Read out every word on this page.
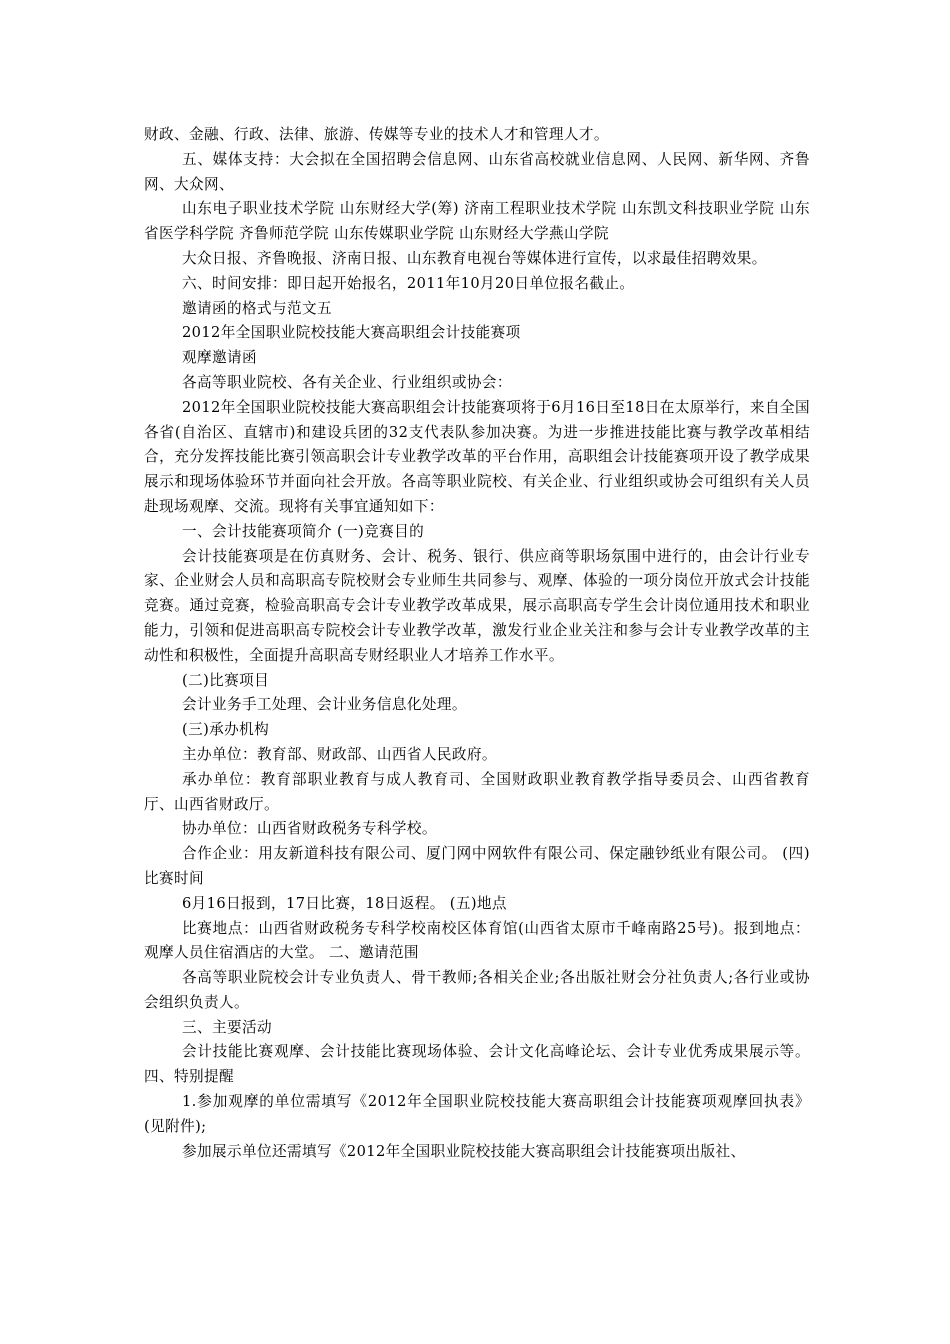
财政、金融、行政、法律、旅游、传媒等专业的技术人才和管理人才。

五、媒体支持：大会拟在全国招聘会信息网、山东省高校就业信息网、人民网、新华网、齐鲁网、大众网、

山东电子职业技术学院 山东财经大学(筹) 济南工程职业技术学院 山东凯文科技职业学院 山东省医学科学院 齐鲁师范学院 山东传媒职业学院 山东财经大学燕山学院

大众日报、齐鲁晚报、济南日报、山东教育电视台等媒体进行宣传，以求最佳招聘效果。

六、时间安排：即日起开始报名，2011年10月20日单位报名截止。

邀请函的格式与范文五

2012年全国职业院校技能大赛高职组会计技能赛项

观摩邀请函

各高等职业院校、各有关企业、行业组织或协会：

2012年全国职业院校技能大赛高职组会计技能赛项将于6月16日至18日在太原举行，来自全国各省(自治区、直辖市)和建设兵团的32支代表队参加决赛。为进一步推进技能比赛与教学改革相结合，充分发挥技能比赛引领高职会计专业教学改革的平台作用，高职组会计技能赛项开设了教学成果展示和现场体验环节并面向社会开放。各高等职业院校、有关企业、行业组织或协会可组织有关人员赴现场观摩、交流。现将有关事宜通知如下：

一、会计技能赛项简介 (一)竞赛目的

会计技能赛项是在仿真财务、会计、税务、银行、供应商等职场氛围中进行的，由会计行业专家、企业财会人员和高职高专院校财会专业师生共同参与、观摩、体验的一项分岗位开放式会计技能竞赛。通过竞赛，检验高职高专会计专业教学改革成果，展示高职高专学生会计岗位通用技术和职业能力，引领和促进高职高专院校会计专业教学改革，激发行业企业关注和参与会计专业教学改革的主动性和积极性，全面提升高职高专财经职业人才培养工作水平。

(二)比赛项目

会计业务手工处理、会计业务信息化处理。

(三)承办机构

主办单位：教育部、财政部、山西省人民政府。

承办单位：教育部职业教育与成人教育司、全国财政职业教育教学指导委员会、山西省教育厅、山西省财政厅。

协办单位：山西省财政税务专科学校。

合作企业：用友新道科技有限公司、厦门网中网软件有限公司、保定融钞纸业有限公司。 (四)比赛时间

6月16日报到，17日比赛，18日返程。 (五)地点

比赛地点：山西省财政税务专科学校南校区体育馆(山西省太原市千峰南路25号)。报到地点：观摩人员住宿酒店的大堂。 二、邀请范围

各高等职业院校会计专业负责人、骨干教师;各相关企业;各出版社财会分社负责人;各行业或协会组织负责人。

三、主要活动

会计技能比赛观摩、会计技能比赛现场体验、会计文化高峰论坛、会计专业优秀成果展示等。 四、特别提醒

1.参加观摩的单位需填写《2012年全国职业院校技能大赛高职组会计技能赛项观摩回执表》(见附件);

参加展示单位还需填写《2012年全国职业院校技能大赛高职组会计技能赛项出版社、
